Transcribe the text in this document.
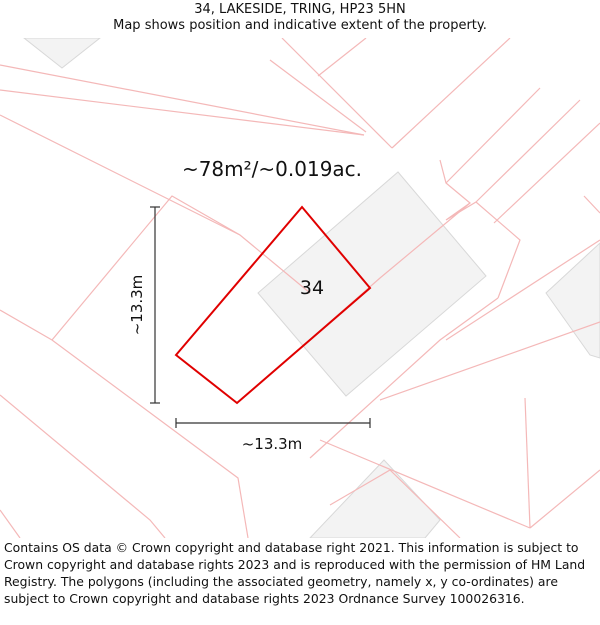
34, LAKESIDE, TRING, HP23 5HN
Map shows position and indicative extent of the property.
~78m²/~0.019ac.
34
~13.3m
~13.3m
Contains OS data © Crown copyright and database right 2021. This information is subject to Crown copyright and database rights 2023 and is reproduced with the permission of HM Land Registry. The polygons (including the associated geometry, namely x, y co-ordinates) are subject to Crown copyright and database rights 2023 Ordnance Survey 100026316.
